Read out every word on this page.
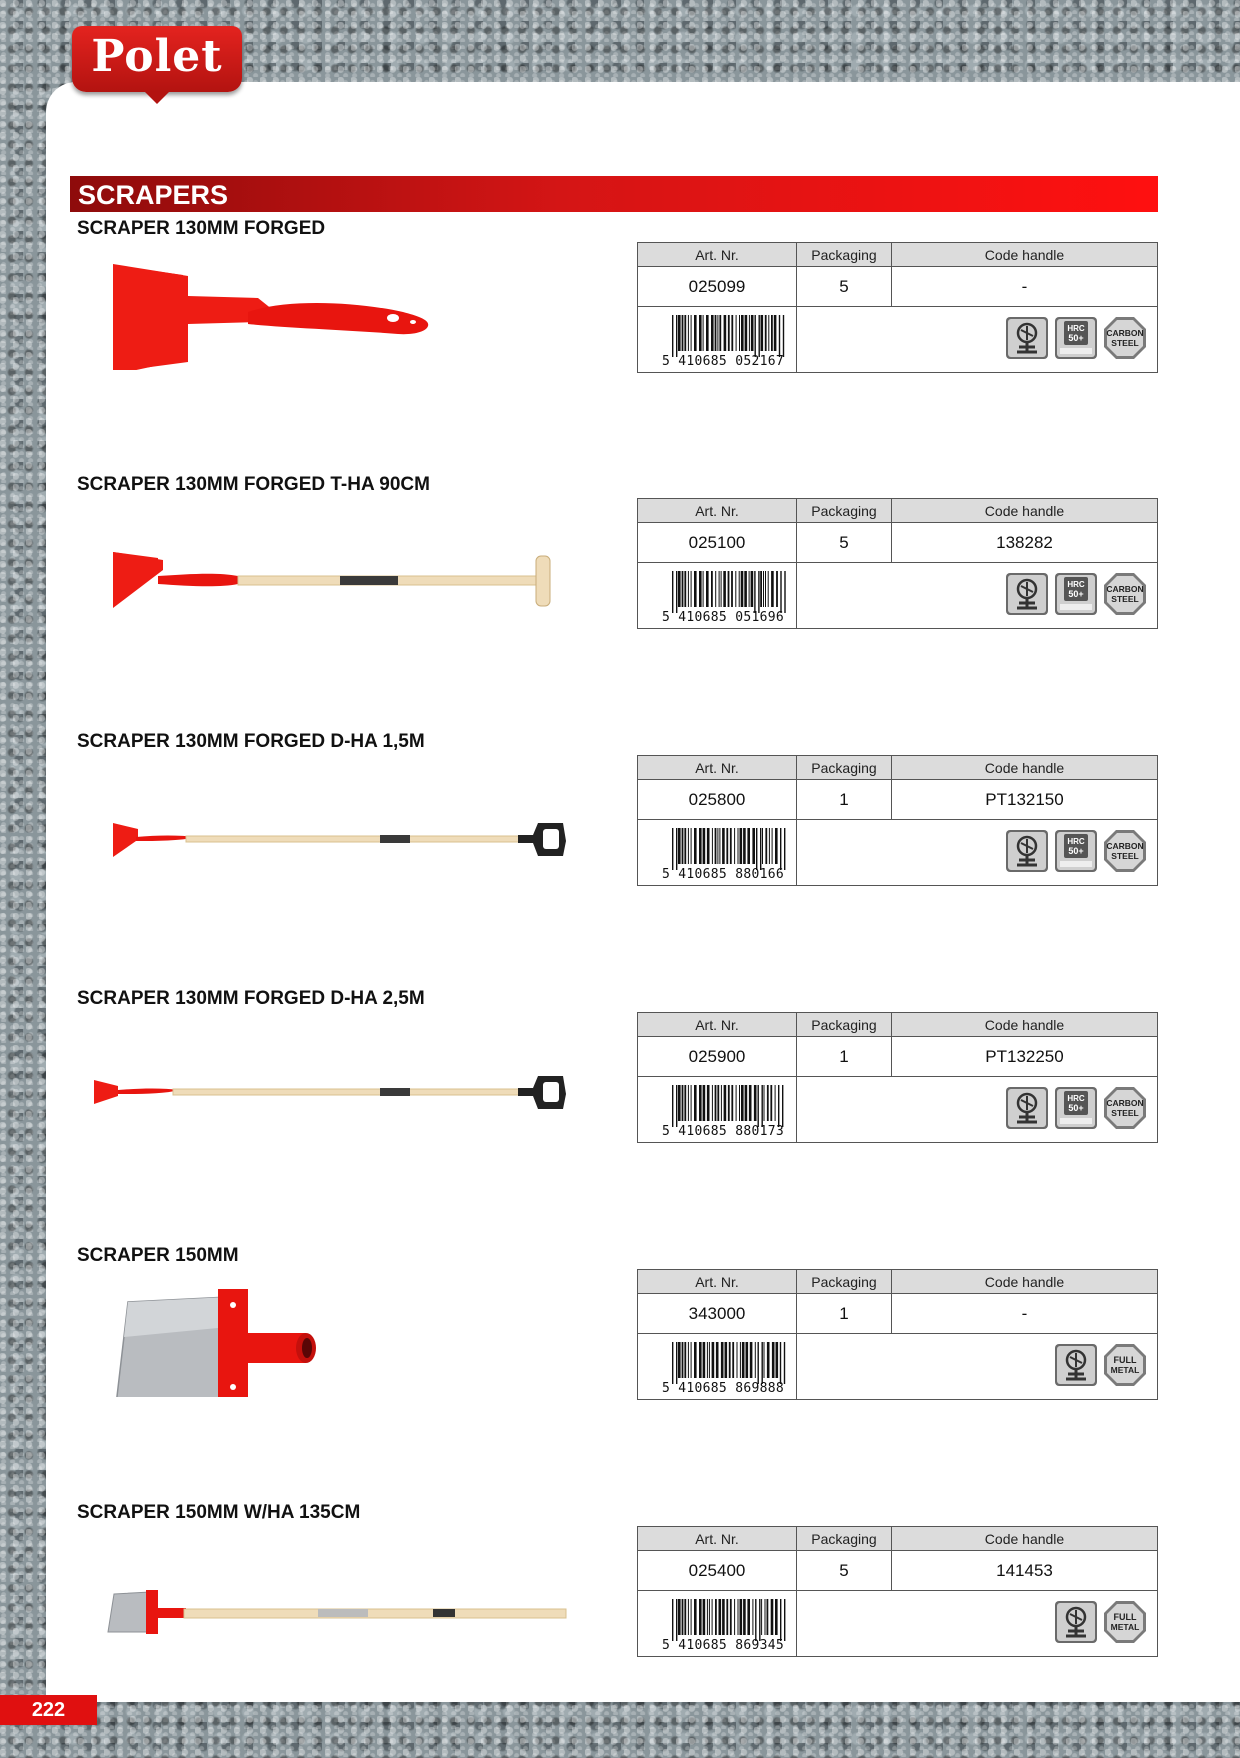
Polet
SCRAPERS
SCRAPER 130MM FORGED
Art. Nr.	Packaging	Code handle
025099	5	-
5 410685 052167
HRC
50+	CARBON
STEEL
SCRAPER 130MM FORGED T-HA 90CM
Art. Nr.	Packaging	Code handle
025100	5	138282
5 410685 051696
HRC
50+	CARBON
STEEL
SCRAPER 130MM FORGED D-HA 1,5M
Art. Nr.	Packaging	Code handle
025800	1	PT132150
5 410685 880166
HRC
50+	CARBON
STEEL
SCRAPER 130MM FORGED D-HA 2,5M
Art. Nr.	Packaging	Code handle
025900	1	PT132250
5 410685 880173
HRC
50+	CARBON
STEEL
SCRAPER 150MM
Art. Nr.	Packaging	Code handle
343000	1	-
5 410685 869888
FULL
METAL
SCRAPER 150MM W/HA 135CM
Art. Nr.	Packaging	Code handle
025400	5	141453
5 410685 869345
FULL
METAL
222
